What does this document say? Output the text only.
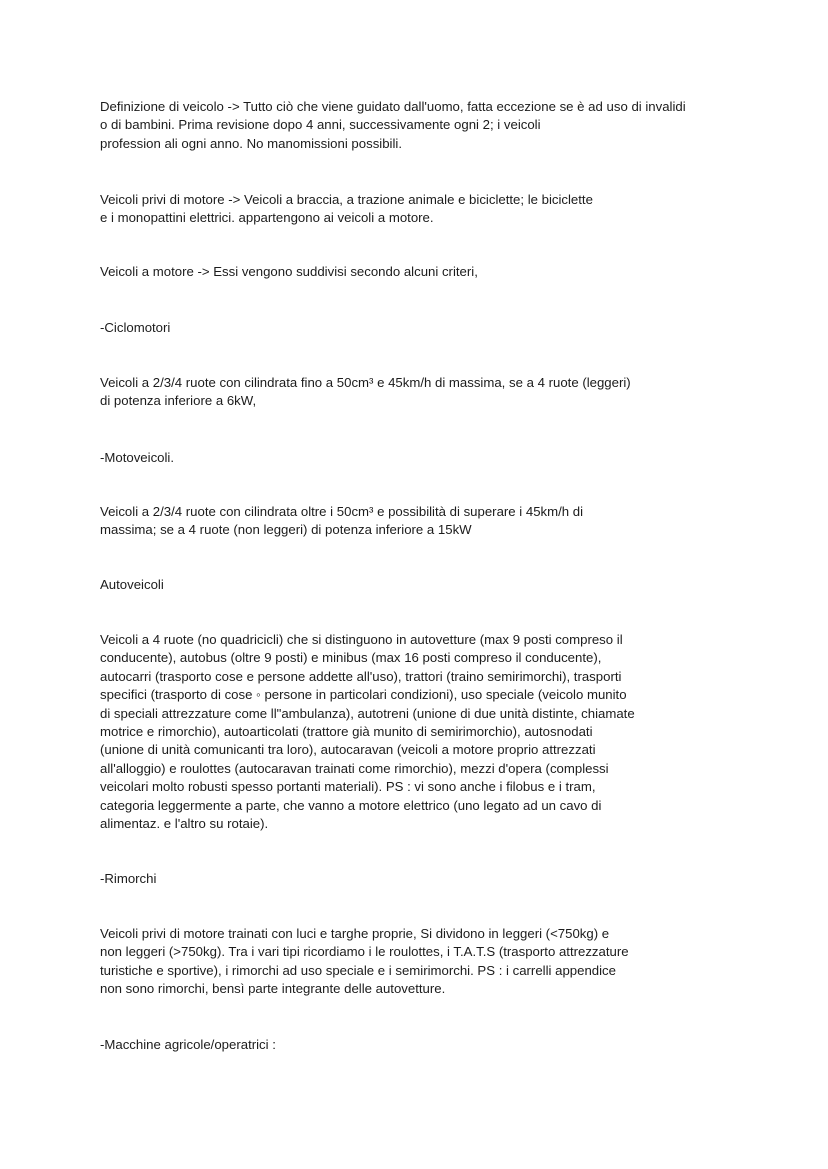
Definizione di veicolo -> Tutto ciò che viene guidato dall'uomo, fatta eccezione se è ad uso di invalidi
o di bambini. Prima revisione dopo 4 anni, successivamente ogni 2; i veicoli
profession ali ogni anno. No manomissioni possibili.
Veicoli privi di motore -> Veicoli a braccia, a trazione animale e biciclette; le biciclette
e i monopattini elettrici. appartengono ai veicoli a motore.
Veicoli a motore -> Essi vengono suddivisi secondo alcuni criteri,
-Ciclomotori
Veicoli a 2/3/4 ruote con cilindrata fino a 50cm³ e 45km/h di massima, se a 4 ruote (leggeri)
di potenza inferiore a 6kW,
-Motoveicoli.
Veicoli a 2/3/4 ruote con cilindrata oltre i 50cm³ e possibilità di superare i 45km/h di
massima; se a 4 ruote (non leggeri) di potenza inferiore a 15kW
Autoveicoli
Veicoli a 4 ruote (no quadricicli) che si distinguono in autovetture (max 9 posti compreso il
conducente), autobus (oltre 9 posti) e minibus (max 16 posti compreso il conducente),
autocarri (trasporto cose e persone addette all'uso), trattori (traino semirimorchi), trasporti
specifici (trasporto di cose ◦ persone in particolari condizioni), uso speciale (veicolo munito
di speciali attrezzature come ll"ambulanza), autotreni (unione di due unità distinte, chiamate
motrice e rimorchio), autoarticolati (trattore già munito di semirimorchio), autosnodati
(unione di unità comunicanti tra loro), autocaravan (veicoli a motore proprio attrezzati
all'alloggio) e roulottes (autocaravan trainati come rimorchio), mezzi d'opera (complessi
veicolari molto robusti spesso portanti materiali). PS : vi sono anche i filobus e i tram,
categoria leggermente a parte, che vanno a motore elettrico (uno legato ad un cavo di
alimentaz. e l'altro su rotaie).
-Rimorchi
Veicoli privi di motore trainati con luci e targhe proprie, Si dividono in leggeri (<750kg) e
non leggeri (>750kg). Tra i vari tipi ricordiamo i le roulottes, i T.A.T.S (trasporto attrezzature
turistiche e sportive), i rimorchi ad uso speciale e i semirimorchi. PS : i carrelli appendice
non sono rimorchi, bensì parte integrante delle autovetture.
-Macchine agricole/operatrici :
